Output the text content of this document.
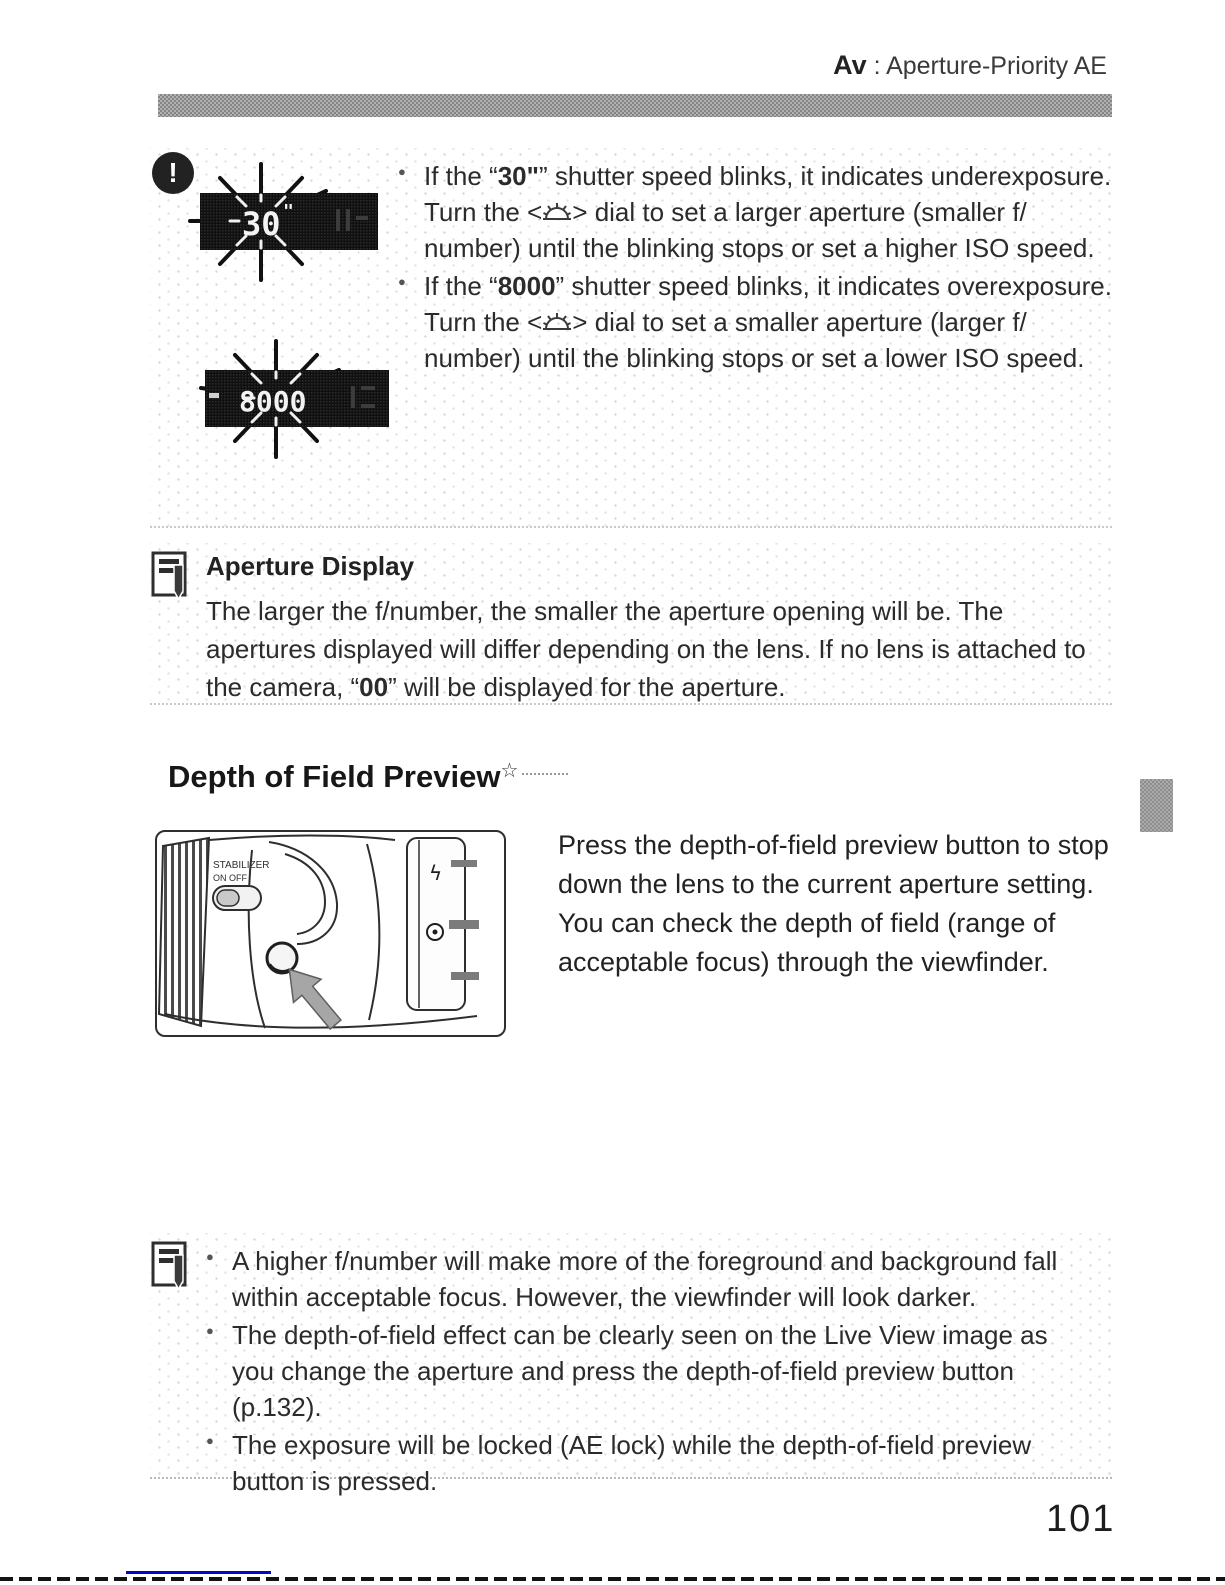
Av : Aperture-Priority AE
!
30 "
8000
● If the “30"” shutter speed blinks, it indicates underexposure.

Turn the < > dial to set a larger aperture (smaller f/​number) until the blinking stops or set a higher ISO speed.

● If the “8000” shutter speed blinks, it indicates overexposure.

Turn the < > dial to set a smaller aperture (larger f/​number) until the blinking stops or set a lower ISO speed.

Aperture Display

The larger the f/number, the smaller the aperture opening will be. The apertures displayed will differ depending on the lens. If no lens is attached to the camera, “00” will be displayed for the aperture.

Depth of Field Preview☆
STABILIZER
ON OFF	ϟ
Press the depth-of-field preview button to stop down the lens to the current aperture setting. You can check the depth of field (range of acceptable focus) through the viewfinder.
● A higher f/number will make more of the foreground and background fall within acceptable focus. However, the viewfinder will look darker.
● The depth-of-field effect can be clearly seen on the Live View image as you change the aperture and press the depth-of-field preview button (p.132).
● The exposure will be locked (AE lock) while the depth-of-field preview button is pressed.
101
